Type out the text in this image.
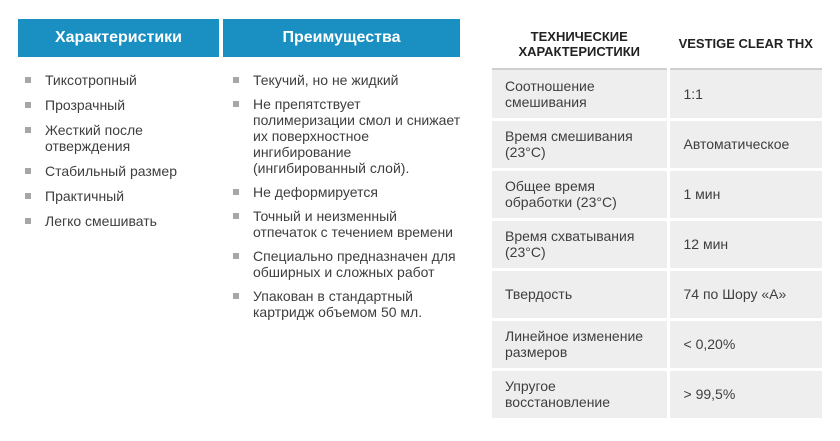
Характеристики	Преимущества
Тиксотропный
Прозрачный
Жесткий после отверждения
Стабильный размер
Практичный
Легко смешивать
Текучий, но не жидкий
Не препятствует полимеризации смол и снижает их поверхностное ингибирование (ингибированный слой).
Не деформируется
Точный и неизменный отпечаток с течением времени
Специально предназначен для обширных и сложных работ
Упакован в стандартный картридж объемом 50 мл.
ТЕХНИЧЕСКИЕ ХАРАКТЕРИСТИКИ	VESTIGE CLEAR THX
Соотношение смешивания	1:1
Время смешивания (23°C)	Автоматическое
Общее время обработки (23°C)	1 мин
Время схватывания (23°C)	12 мин
Твердость	74 по Шору «A»
Линейное изменение размеров	< 0,20%
Упругое восстановление	> 99,5%
